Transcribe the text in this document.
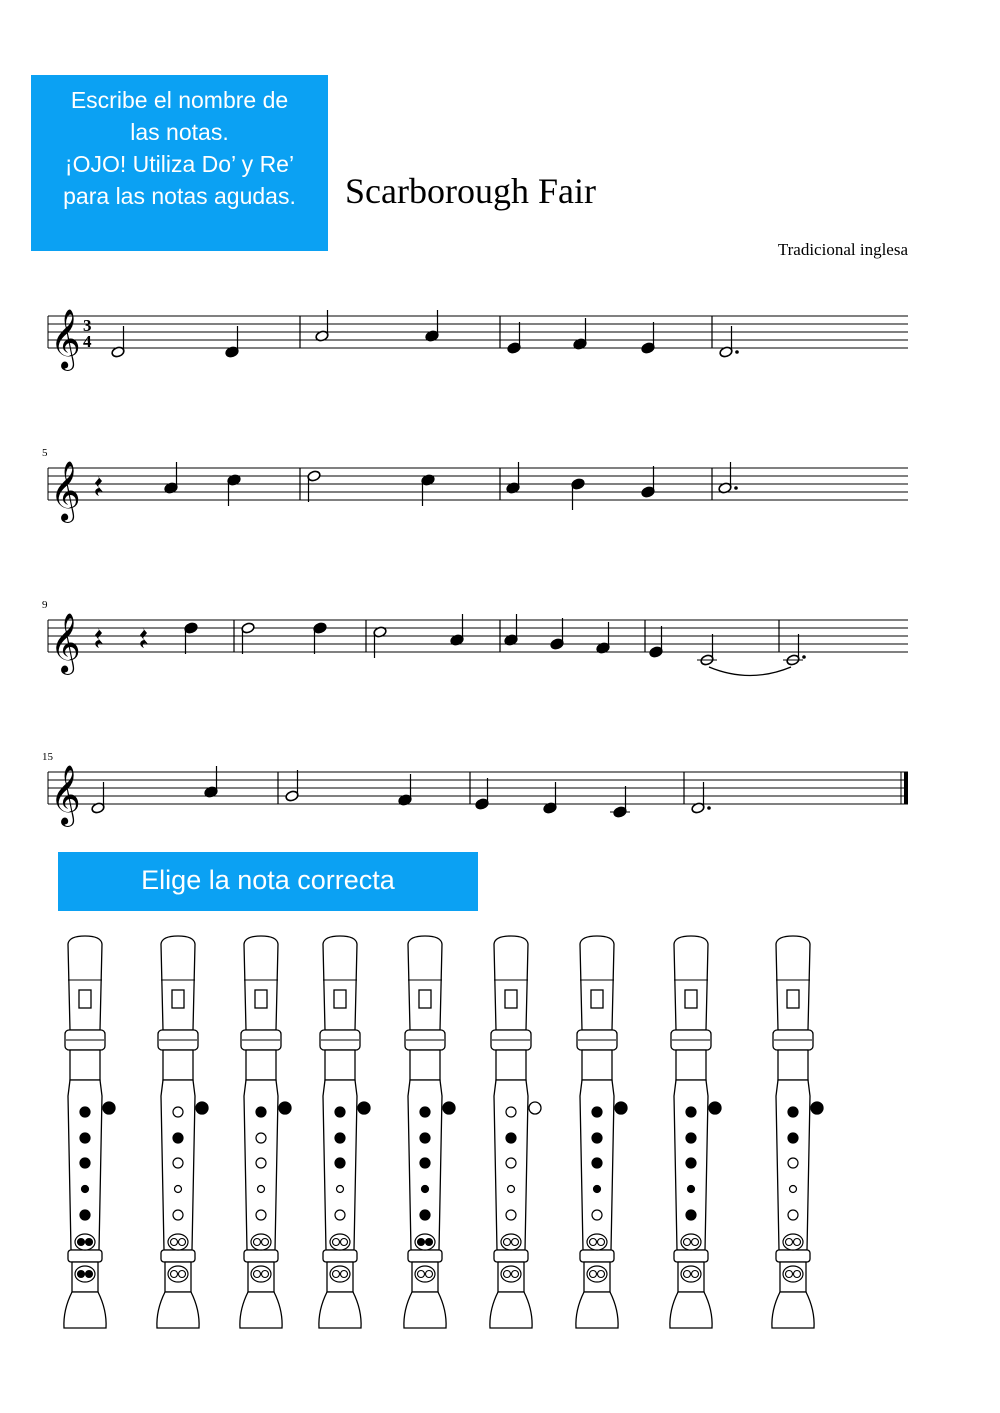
Escribe el nombre de
las notas.
¡OJO! Utiliza Do’ y Re’
para las notas agudas.	Scarborough Fair
Tradicional inglesa
𝄞 3
4
𝄞
5
𝄞
9
𝄞
15
Elige la nota correcta
